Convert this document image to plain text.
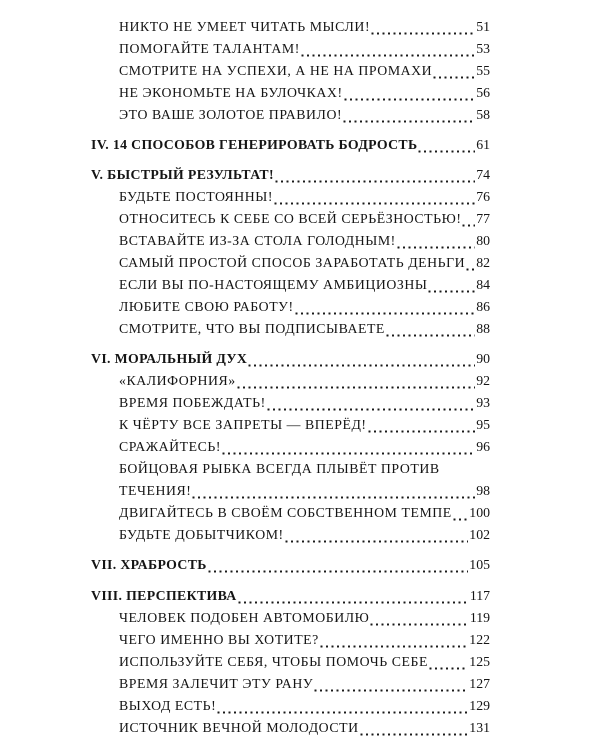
НИКТО НЕ УМЕЕТ ЧИТАТЬ МЫСЛИ!	51
ПОМОГАЙТЕ ТАЛАНТАМ!	53
СМОТРИТЕ НА УСПЕХИ, А НЕ НА ПРОМАХИ	55
НЕ ЭКОНОМЬТЕ НА БУЛОЧКАХ!	56
ЭТО ВАШЕ ЗОЛОТОЕ ПРАВИЛО!	58
IV. 14 СПОСОБОВ ГЕНЕРИРОВАТЬ БОДРОСТЬ	61
V. БЫСТРЫЙ РЕЗУЛЬТАТ!	74
БУДЬТЕ ПОСТОЯННЫ!	76
ОТНОСИТЕСЬ К СЕБЕ СО ВСЕЙ СЕРЬЁЗНОСТЬЮ! 77
ВСТАВАЙТЕ ИЗ-ЗА СТОЛА ГОЛОДНЫМ!	80
САМЫЙ ПРОСТОЙ СПОСОБ ЗАРАБОТАТЬ ДЕНЬГИ 82
ЕСЛИ ВЫ ПО-НАСТОЯЩЕМУ АМБИЦИОЗНЫ	84
ЛЮБИТЕ СВОЮ РАБОТУ!	86
СМОТРИТЕ, ЧТО ВЫ ПОДПИСЫВАЕТЕ	88
VI. МОРАЛЬНЫЙ ДУХ	90
«КАЛИФОРНИЯ»	92
ВРЕМЯ ПОБЕЖДАТЬ!	93
К ЧЁРТУ ВСЕ ЗАПРЕТЫ — ВПЕРЁД!	95
СРАЖАЙТЕСЬ!	96
БОЙЦОВАЯ РЫБКА ВСЕГДА ПЛЫВЁТ ПРОТИВ
ТЕЧЕНИЯ!	98
ДВИГАЙТЕСЬ В СВОЁМ СОБСТВЕННОМ ТЕМПЕ 100
БУДЬТЕ ДОБЫТЧИКОМ!	102
VII. ХРАБРОСТЬ	105
VIII. ПЕРСПЕКТИВА	117
ЧЕЛОВЕК ПОДОБЕН АВТОМОБИЛЮ	119
ЧЕГО ИМЕННО ВЫ ХОТИТЕ?	122
ИСПОЛЬЗУЙТЕ СЕБЯ, ЧТОБЫ ПОМОЧЬ СЕБЕ	125
ВРЕМЯ ЗАЛЕЧИТ ЭТУ РАНУ	127
ВЫХОД ЕСТЬ!	129
ИСТОЧНИК ВЕЧНОЙ МОЛОДОСТИ	131
